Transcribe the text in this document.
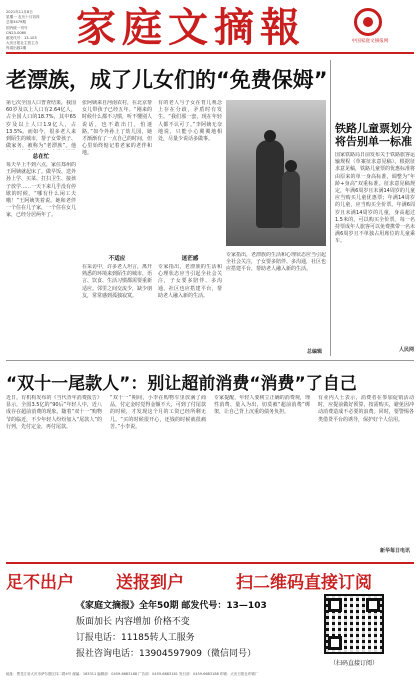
2021年11月8日
星期一 农历十月初四
总第3479期
国内统一刊号
CN23-0060
邮发代号：13-103
大庆日报社主管主办
每周出版2期	家庭文摘報	中国家庭文摘报网
老漂族，成了儿女们的“免费保姆”
第七次全国人口普查结果，我国60岁及以上人口有2.64亿人，占全国人口的18.7%，其中65岁及以上人口1.9亿人，占13.5%。而如今，很多老人来到陌生的城市，帮子女带孩子、做家务，被称为“老漂族”。他
总在忙
每天早上不到六点，家住郑州的王阿姨就起床了。做早饭、送外孙上学、买菜、打扫卫生、接孩子放学……一天下来几乎没有停歇的时候。“哪有什么闲工夫哦！”王阿姨笑着说。她和老伴一个住在儿子家，一个住在女儿家，已经分居两年了。
张阿姨来自河南农村，在北京帮女儿带孩子已经五年。“刚来的时候什么都不习惯，听不懂别人说话，也不敢出门，怕迷路。”如今外孙上了幼儿园，她才渐渐有了一点自己的时间，但心里始终惦记着老家的老伴和地。
不适应
在采访中，许多老人坦言，离开熟悉的环境来到陌生的城市，语言、饮食、生活习惯都需要重新适应。邻里之间交流少，缺少朋友，常常感到孤独寂寞。
有的老人与子女在育儿观念上存在分歧，矛盾时有发生。“我们那一套，现在年轻人都不认可了。”李阿姨无奈地说，只能小心翼翼地相处，尽量少说话多做事。
迷茫感
专家指出，老漂族的生活和心理状态应当引起全社会关注，子女要多陪伴、多沟通，社区也应搭建平台，帮助老人融入新的生活。
专家指出，老漂族的生活和心理状态应当引起全社会关注，子女要多陪伴、多沟通，社区也应搭建平台，帮助老人融入新的生活。
总编辑
铁路儿童票划分将告别单一标准
国家铁路局日前发布关于铁路旅客运输规程（草案征求意见稿）。根据征求意见稿，铁路儿童票的优惠标准将由原来的单一身高标准，调整为“年龄+身高”双重标准。征求意见稿规定，年满6周岁且未满14周岁的儿童应当购买儿童优惠票；年满14周岁的儿童，应当购买全价票。年满6周岁且未满14周岁的儿童，身高超过1.5米的，可以购买全价票。每一名持票成年人旅客可以免费携带一名未满6周岁且不单独占用席位的儿童乘车。
人民网
“双十一尾款人”：别让超前消费“消费”了自己
近日，有机构发布的《当代青年消费报告》显示，全国3.5亿的“90后”年轻人中，近八成存在超前消费的现象。随着“双十一”购物节的临近，不少年轻人纷纷加入“尾款人”的行列，先付定金，再付尾款。
“双十一”期间，小李在购物车里放满了商品，付定金时觉得金额不大，可到了付尾款的时候，才发现这个月的工资已经所剩无几。“买的时候很开心，还钱的时候就很痛苦。”小李说。
专家提醒，年轻人要树立正确的消费观，理性消费、量入为出，切莫被“超前消费”绑架，让自己背上沉重的债务负担。
有业内人士表示，消费者在参加促销活动时，应提前做好预算，按需购买，避免因冲动消费造成不必要的浪费。同时，要警惕各类借贷平台的诱导，保护好个人信用。
新华每日电讯
足不出户 送报到户	扫二维码直接订阅
《家庭文摘报》全年50期 邮发代号：13—103
版面加长 内容增加 价格不变
订报电话：11185转人工服务
报社咨询电话：13904597909（微信同号）
（扫码直接订阅）
地址：黑龙江省大庆市萨尔图区纬二路4号 邮编：163311 编辑部：0459-6683188 广告部：0459-6683181 发行部：0459-6683188 印刷：大庆日报社印刷厂
